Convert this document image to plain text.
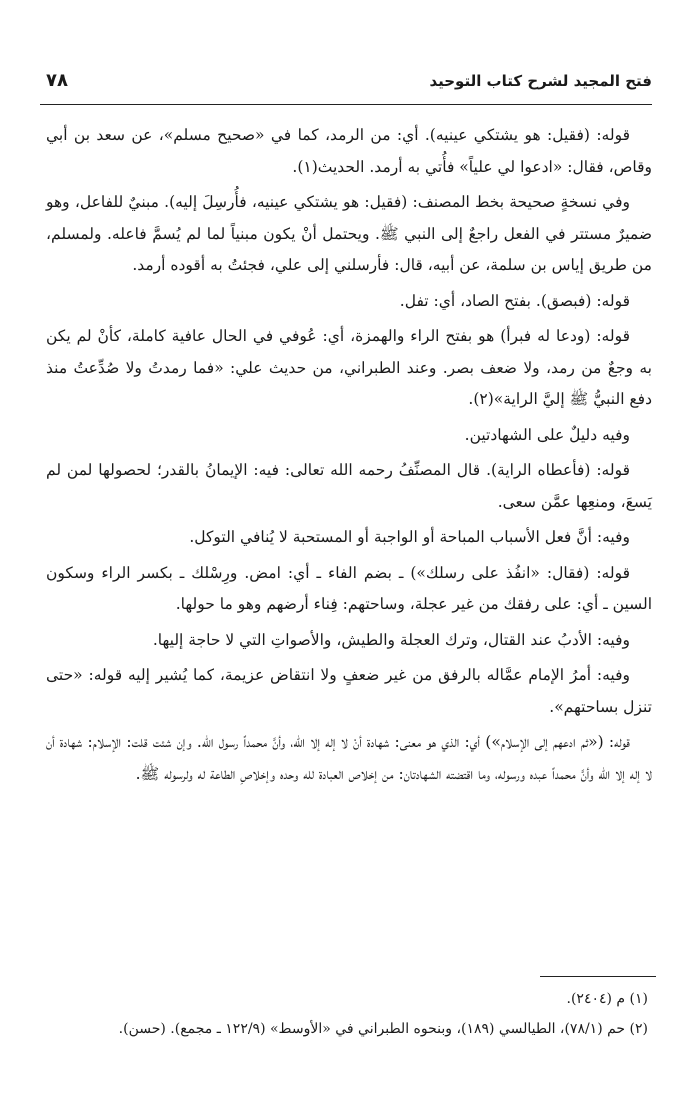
فتح المجيد لشرح كتاب التوحيد
٧٨

قوله: (فقيل: هو يشتكي عينيه). أي: من الرمد، كما في «صحيح مسلم»، عن سعد بن أبي وقاص، فقال: «ادعوا لي علياً» فأُتي به أرمد. الحديث(١).

وفي نسخةٍ صحيحة بخط المصنف: (فقيل: هو يشتكي عينيه، فأُرسِلَ إليه). مبنيٌ للفاعل، وهو ضميرٌ مستتر في الفعل راجعٌ إلى النبي ﷺ. ويحتمل أنْ يكون مبنياً لما لم يُسمَّ فاعله. ولمسلم، من طريق إياس بن سلمة، عن أبيه، قال: فأرسلني إلى علي، فجئتُ به أقوده أرمد.

قوله: (فبصق). بفتح الصاد، أي: تفل.

قوله: (ودعا له فبرأ) هو بفتح الراء والهمزة، أي: عُوفي في الحال عافية كاملة، كأنْ لم يكن به وجعٌ من رمد، ولا ضعف بصر. وعند الطبراني، من حديث علي: «فما رمدتُ ولا صُدِّعتُ منذ دفع النبيُّ ﷺ إليَّ الراية»(٢).

وفيه دليلٌ على الشهادتين.

قوله: (فأعطاه الراية). قال المصنِّفُ رحمه الله تعالى: فيه: الإيمانُ بالقدر؛ لحصولها لمن لم يَسعَ، ومنعِها عمَّن سعى.

وفيه: أنَّ فعل الأسباب المباحة أو الواجبة أو المستحبة لا يُنافي التوكل.

قوله: (فقال: «انفُذ على رسلك») ـ بضم الفاء ـ أي: امض. ورِسْلك ـ بكسر الراء وسكون السين ـ أي: على رفقك من غير عجلة، وساحتهم: فِناء أرضهم وهو ما حولها.

وفيه: الأدبُ عند القتال، وترك العجلة والطيش، والأصواتِ التي لا حاجة إليها.

وفيه: أمرُ الإمام عمَّاله بالرفق من غير ضعفٍ ولا انتقاض عزيمة، كما يُشير إليه قوله: «حتى تنزل بساحتهم».

قوله: («ثم ادعهم إلى الإسلام») أي: الذي هو معنى: شهادة أنْ لا إله إلا الله، وأنَّ محمداً رسول الله. وإن شئت قلت: الإسلام: شهادة أن لا إله إلا الله وأنَّ محمداً عبده ورسوله، وما اقتضته الشهادتان: من إخلاص العبادة لله وحده وإخلاصِ الطاعة له ولرسوله ﷺ.

(١) م (٢٤٠٤).

(٢) حم (٧٨/١)، الطيالسي (١٨٩)، وبنحوه الطبراني في «الأوسط» (١٢٢/٩ ـ مجمع). (حسن).
